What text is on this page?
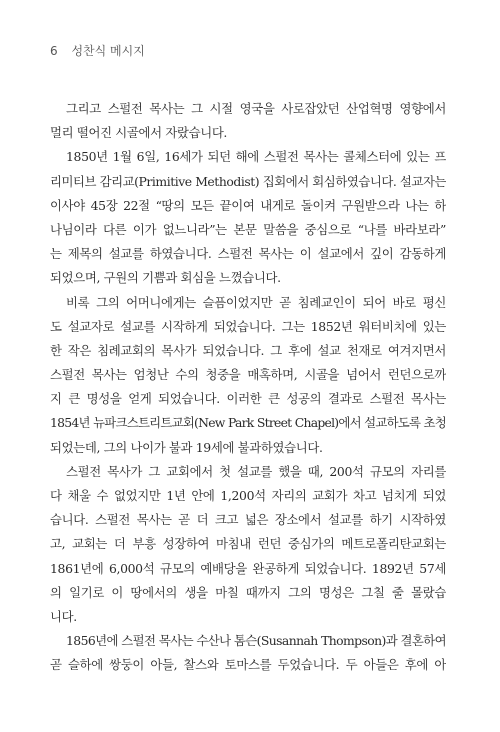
6 성찬식 메시지
그리고 스펄전 목사는 그 시절 영국을 사로잡았던 산업혁명 영향에서
멀리 떨어진 시골에서 자랐습니다.
1850년 1월 6일, 16세가 되던 해에 스펄전 목사는 콜체스터에 있는 프
리미티브 감리교(Primitive Methodist) 집회에서 회심하였습니다. 설교자는
이사야 45장 22절 “땅의 모든 끝이여 내게로 돌이켜 구원받으라 나는 하
나님이라 다른 이가 없느니라”는 본문 말씀을 중심으로 “나를 바라보라”
는 제목의 설교를 하였습니다. 스펄전 목사는 이 설교에서 깊이 감동하게
되었으며, 구원의 기쁨과 회심을 느꼈습니다.
비록 그의 어머니에게는 슬픔이었지만 곧 침례교인이 되어 바로 평신
도 설교자로 설교를 시작하게 되었습니다. 그는 1852년 워터비치에 있는
한 작은 침례교회의 목사가 되었습니다. 그 후에 설교 천재로 여겨지면서
스펄전 목사는 엄청난 수의 청중을 매혹하며, 시골을 넘어서 런던으로까
지 큰 명성을 얻게 되었습니다. 이러한 큰 성공의 결과로 스펄전 목사는
1854년 뉴파크스트리트교회(New Park Street Chapel)에서 설교하도록 초청
되었는데, 그의 나이가 불과 19세에 불과하였습니다.
스펄전 목사가 그 교회에서 첫 설교를 했을 때, 200석 규모의 자리를
다 채울 수 없었지만 1년 안에 1,200석 자리의 교회가 차고 넘치게 되었
습니다. 스펄전 목사는 곧 더 크고 넓은 장소에서 설교를 하기 시작하였
고, 교회는 더 부흥 성장하여 마침내 런던 중심가의 메트로폴리탄교회는
1861년에 6,000석 규모의 예배당을 완공하게 되었습니다. 1892년 57세
의 일기로 이 땅에서의 생을 마칠 때까지 그의 명성은 그칠 줄 몰랐습
니다.
1856년에 스펄전 목사는 수산나 톰슨(Susannah Thompson)과 결혼하여
곧 슬하에 쌍둥이 아들, 찰스와 토마스를 두었습니다. 두 아들은 후에 아
